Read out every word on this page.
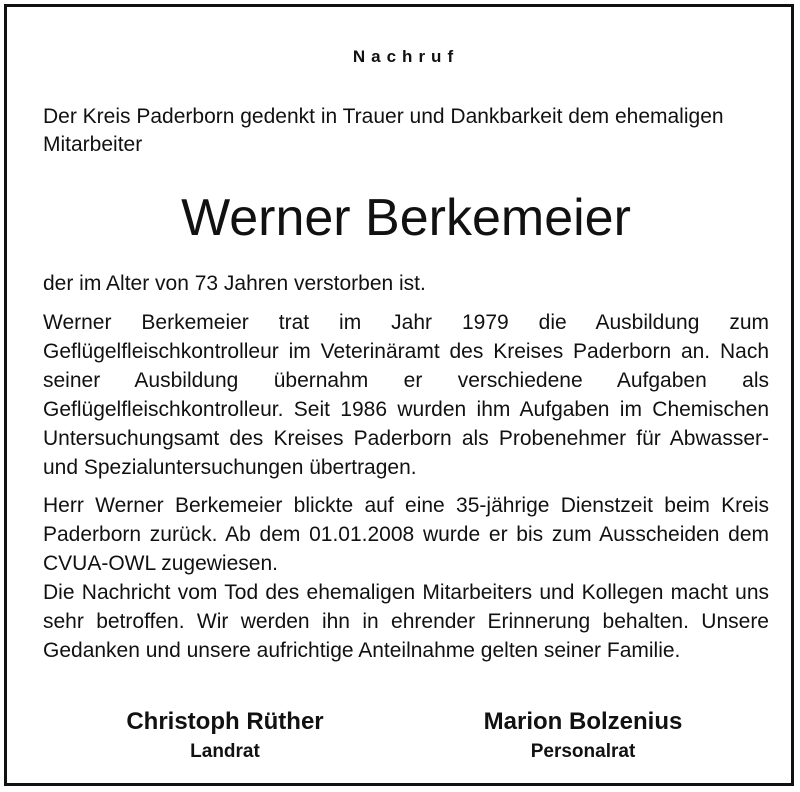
Nachruf
Der Kreis Paderborn gedenkt in Trauer und Dankbarkeit dem ehemaligen Mitarbeiter
Werner Berkemeier
der im Alter von 73 Jahren verstorben ist.
Werner Berkemeier trat im Jahr 1979 die Ausbildung zum Geflügelfleischkontrolleur im Veterinäramt des Kreises Paderborn an. Nach seiner Ausbildung übernahm er verschiedene Aufgaben als Geflügelfleischkontrolleur. Seit 1986 wurden ihm Aufgaben im Chemischen Untersuchungsamt des Kreises Paderborn als Probenehmer für Abwasser- und Spezialuntersuchungen übertragen.
Herr Werner Berkemeier blickte auf eine 35-jährige Dienstzeit beim Kreis Paderborn zurück. Ab dem 01.01.2008 wurde er bis zum Ausscheiden dem CVUA-OWL zugewiesen.
Die Nachricht vom Tod des ehemaligen Mitarbeiters und Kollegen macht uns sehr betroffen. Wir werden ihn in ehrender Erinnerung behalten. Unsere Gedanken und unsere aufrichtige Anteilnahme gelten seiner Familie.
Christoph Rüther
Landrat
Marion Bolzenius
Personalrat
